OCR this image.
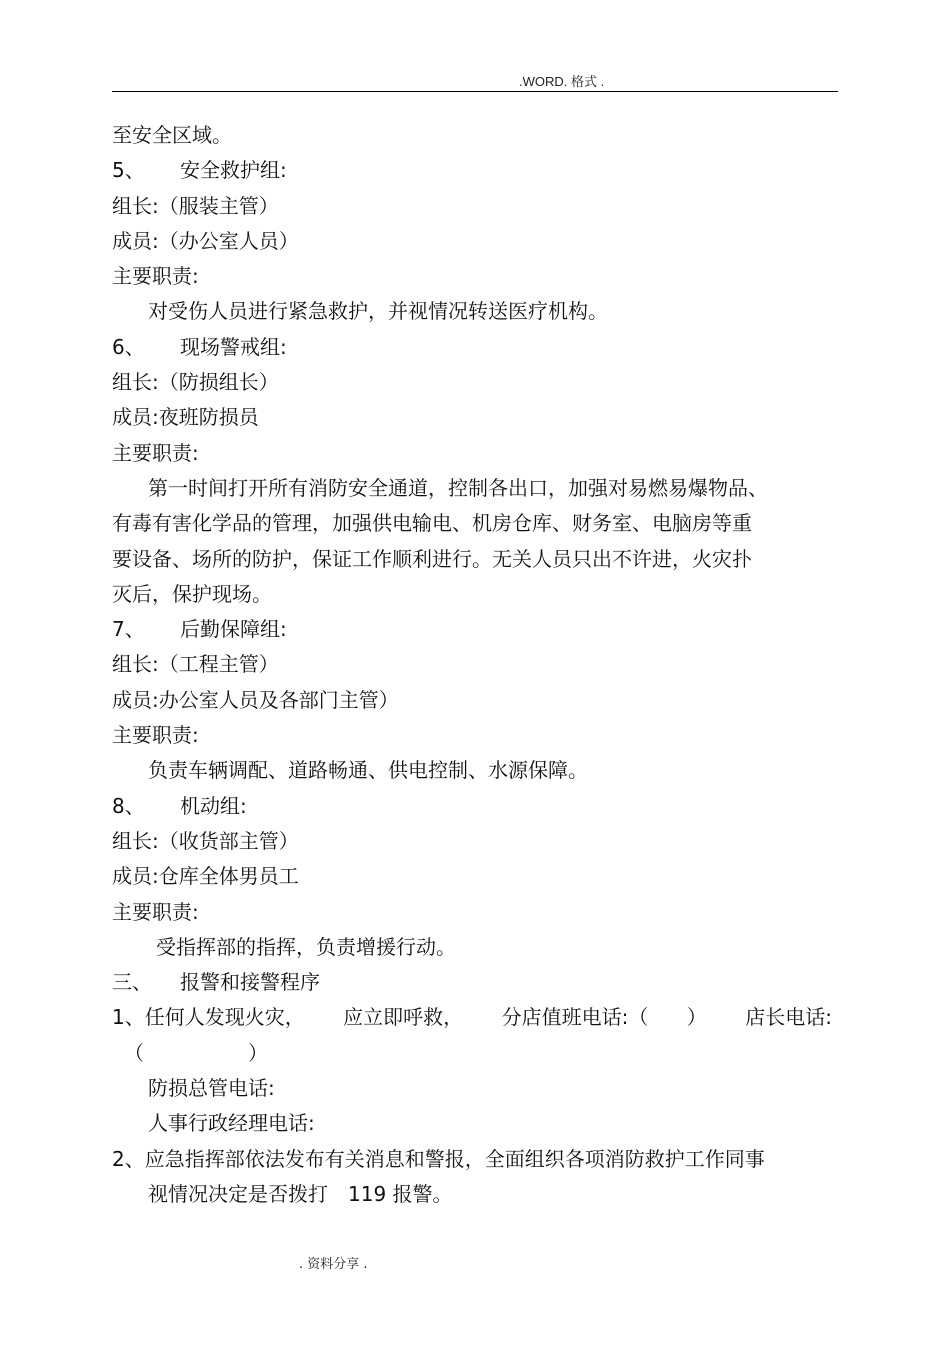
.WORD. 格式 .
至安全区域。
5、 安全救护组:
组长:（服装主管）
成员:（办公室人员）
主要职责:
对受伤人员进行紧急救护，并视情况转送医疗机构。
6、 现场警戒组:
组长:（防损组长）
成员:夜班防损员
主要职责:
第一时间打开所有消防安全通道，控制各出口，加强对易燃易爆物品、
有毒有害化学品的管理，加强供电输电、机房仓库、财务室、电脑房等重
要设备、场所的防护，保证工作顺利进行。无关人员只出不许进，火灾扑
灭后，保护现场。
7、 后勤保障组:
组长:（工程主管）
成员:办公室人员及各部门主管）
主要职责:
负责车辆调配、道路畅通、供电控制、水源保障。
8、 机动组:
组长:（收货部主管）
成员:仓库全体男员工
主要职责:
受指挥部的指挥，负责增援行动。
三、 报警和接警程序
1、任何人发现火灾， 应立即呼救， 分店值班电话:（ ） 店长电话:
（	）
防损总管电话:
人事行政经理电话:
2、应急指挥部依法发布有关消息和警报，全面组织各项消防救护工作同事
视情况决定是否拨打　119 报警。
. 资料分享 .
